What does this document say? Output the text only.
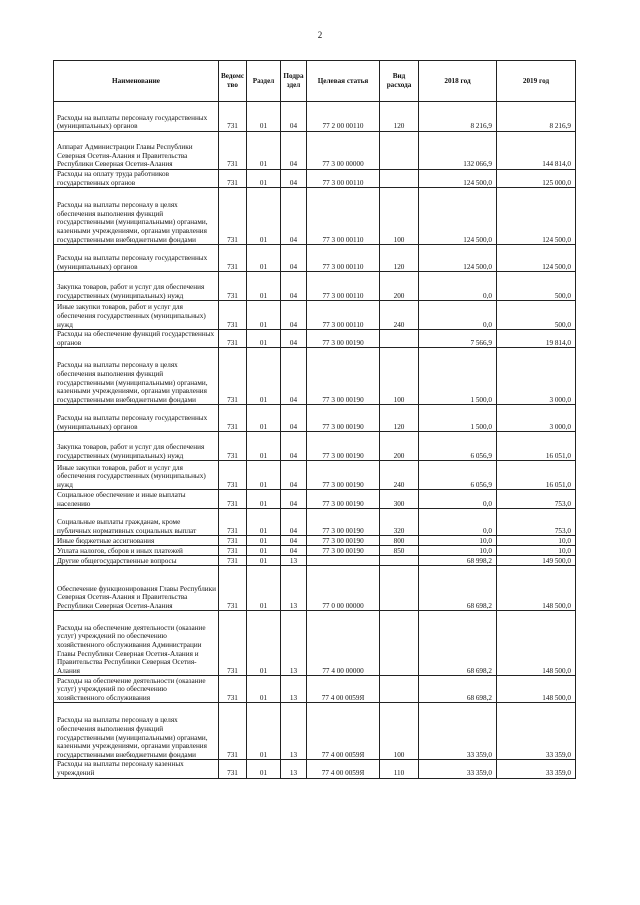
2
Наименование	Ведомс тво	Раздел	Подра здел	Целевая статья	Вид расхода	2018 год	2019 год
Расходы на выплаты персоналу государственных (муниципальных) органов	731	01	04	77 2 00 00110	120	8 216,9	8 216,9
Аппарат Администрации Главы Республики Северная Осетия-Алания и Правительства Республики Северная Осетия-Алания	731	01	04	77 3 00 00000		132 066,9	144 814,0
Расходы на оплату труда работников государственных органов	731	01	04	77 3 00 00110		124 500,0	125 000,0
Расходы на выплаты персоналу в целях обеспечения выполнения функций государственными (муниципальными) органами, казенными учреждениями, органами управления государственными внебюджетными фондами	731	01	04	77 3 00 00110	100	124 500,0	124 500,0
Расходы на выплаты персоналу государственных (муниципальных) органов	731	01	04	77 3 00 00110	120	124 500,0	124 500,0
Закупка товаров, работ и услуг для обеспечения государственных (муниципальных) нужд	731	01	04	77 3 00 00110	200	0,0	500,0
Иные закупки товаров, работ и услуг для обеспечения государственных (муниципальных) нужд	731	01	04	77 3 00 00110	240	0,0	500,0
Расходы на обеспечение функций государственных органов	731	01	04	77 3 00 00190		7 566,9	19 814,0
Расходы на выплаты персоналу в целях обеспечения выполнения функций государственными (муниципальными) органами, казенными учреждениями, органами управления государственными внебюджетными фондами	731	01	04	77 3 00 00190	100	1 500,0	3 000,0
Расходы на выплаты персоналу государственных (муниципальных) органов	731	01	04	77 3 00 00190	120	1 500,0	3 000,0
Закупка товаров, работ и услуг для обеспечения государственных (муниципальных) нужд	731	01	04	77 3 00 00190	200	6 056,9	16 051,0
Иные закупки товаров, работ и услуг для обеспечения государственных (муниципальных) нужд	731	01	04	77 3 00 00190	240	6 056,9	16 051,0
Социальное обеспечение и иные выплаты населению	731	01	04	77 3 00 00190	300	0,0	753,0
Социальные выплаты гражданам, кроме публичных нормативных социальных выплат	731	01	04	77 3 00 00190	320	0,0	753,0
Иные бюджетные ассигнования	731	01	04	77 3 00 00190	800	10,0	10,0
Уплата налогов, сборов и иных платежей	731	01	04	77 3 00 00190	850	10,0	10,0
Другие общегосударственные вопросы	731	01	13			68 998,2	149 500,0
Обеспечение функционирования Главы Республики Северная Осетия-Алания и Правительства Республики Северная Осетия-Алания	731	01	13	77 0 00 00000		68 698,2	148 500,0
Расходы на обеспечение деятельности (оказание услуг) учреждений по обеспечению хозяйственного обслуживания Администрации Главы Республики Северная Осетия-Алания и Правительства Республики Северная Осетия-Алания	731	01	13	77 4 00 00000		68 698,2	148 500,0
Расходы на обеспечение деятельности (оказание услуг) учреждений по обеспечению хозяйственного обслуживания	731	01	13	77 4 00 0059Я		68 698,2	148 500,0
Расходы на выплаты персоналу в целях обеспечения выполнения функций государственными (муниципальными) органами, казенными учреждениями, органами управления государственными внебюджетными фондами	731	01	13	77 4 00 0059Я	100	33 359,0	33 359,0
Расходы на выплаты персоналу казенных учреждений	731	01	13	77 4 00 0059Я	110	33 359,0	33 359,0
